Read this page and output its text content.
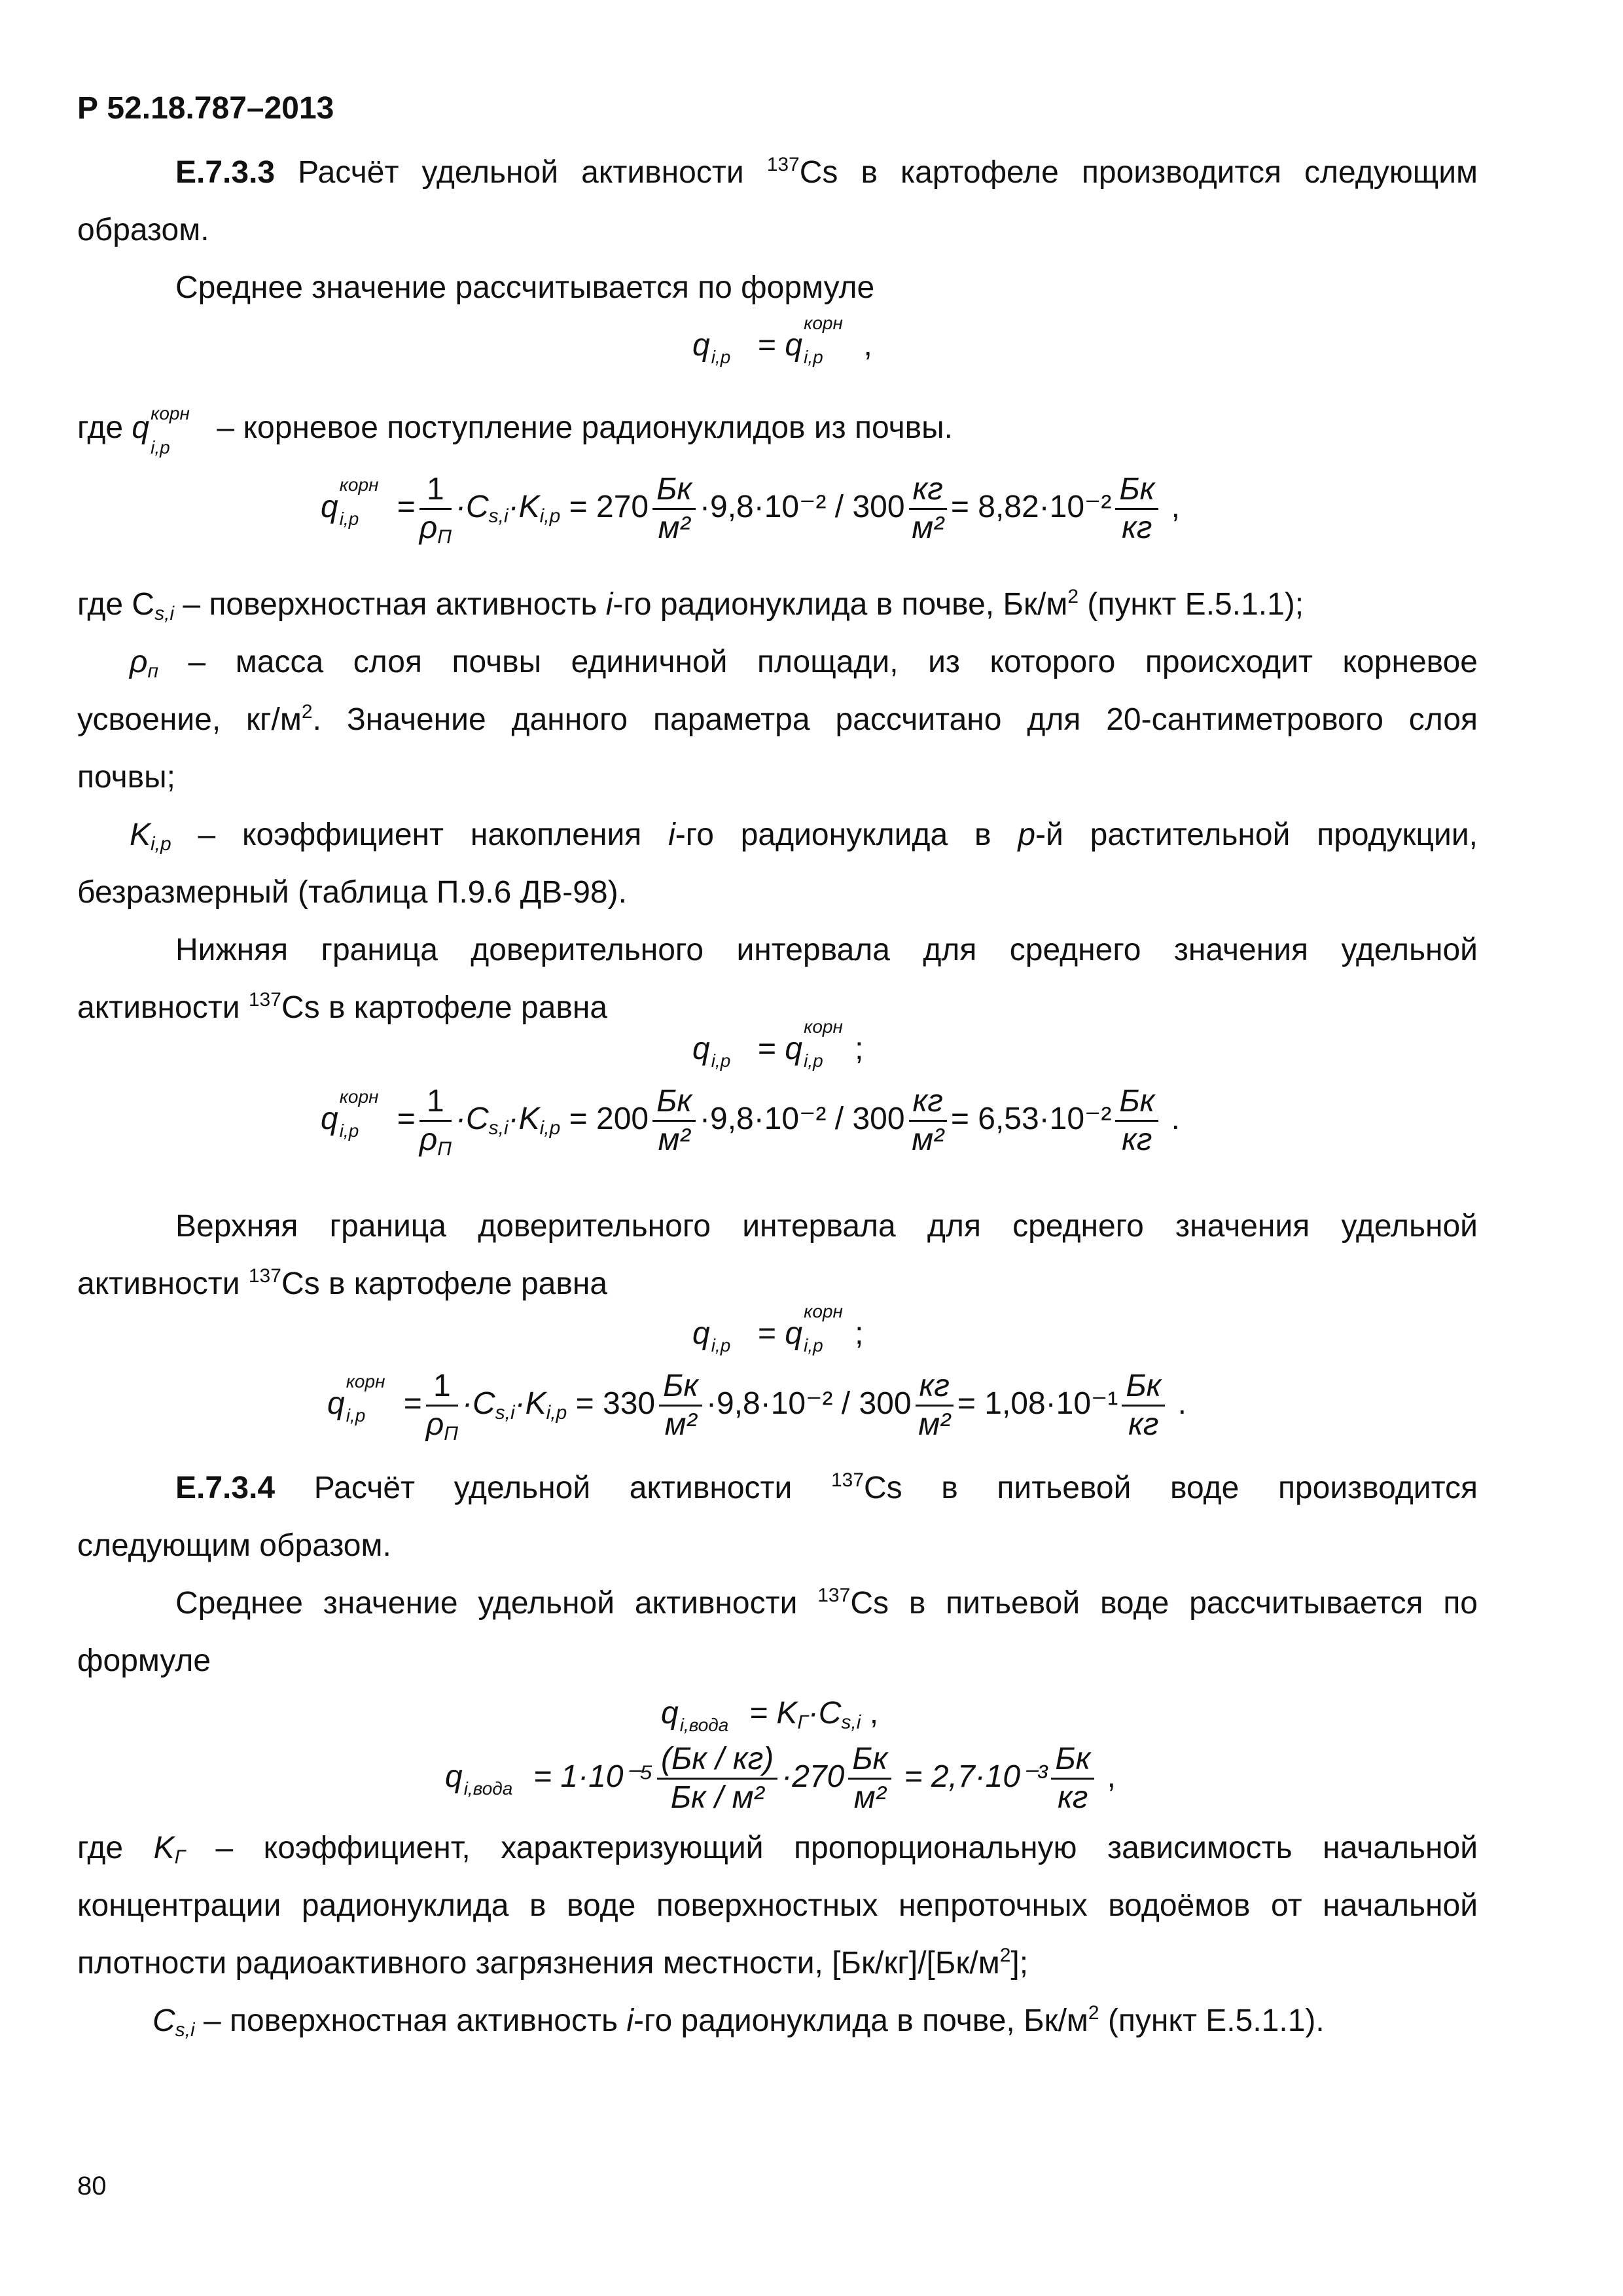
Р 52.18.787–2013
Е.7.3.3 Расчёт удельной активности $^{137}$Cs в картофеле производится следующим
образом.
Среднее значение рассчитывается по формуле
q i,p = q
корн
i,p ,
где q корн
i,p
– корневое поступление радионуклидов из почвы.
q
корн
$i,p = \frac{1}{\rho_П} \cdot C_{s,i}\cdot K_{i,p} = 270 \frac{Бк}{\text{м²}} \cdot 9,8\cdot 10^{-2} / 300 \frac{кг}{\text{м²}} = 8,82\cdot 10^{-2} \frac{Бк}{кг}$ ,
где $C_{s,i}$ – поверхностная активность i-го радионуклида в почве, $Бк/м^2$ (пункт Е.5.1.1);
$\rho_п$ – масса слоя почвы единичной площади, из которого происходит корневое
усвоение, $кг/м^2$. Значение данного параметра рассчитано для 20-сантиметрового слоя
почвы;
$K_{i,p}$ – коэффициент накопления i-го радионуклида в p-й растительной продукции,
безразмерный (таблица П.9.6 ДВ-98).
Нижняя граница доверительного интервала для среднего значения удельной
активности $^{137}$Cs в картофеле равна
q i,p = q
корн
i,p ;
q
корн
$i,p = \frac{1}{\rho_П} \cdot C_{s,i}\cdot K_{i,p} = 200 \frac{Бк}{\text{м²}} \cdot 9,8\cdot 10^{-2} / 300 \frac{кг}{\text{м²}} = 6,53\cdot 10^{-2} \frac{Бк}{кг}$ .
Верхняя граница доверительного интервала для среднего значения удельной
активности $^{137}$Cs в картофеле равна
q i,p = q
корн
i,p ;
q
корн
$i,p = \frac{1}{\rho_П} \cdot C_{s,i}\cdot K_{i,p} = 330 \frac{Бк}{\text{м²}} \cdot 9,8\cdot 10^{-2} / 300 \frac{кг}{\text{м²}} = 1,08\cdot 10^{-1} \frac{Бк}{кг}$ .
Е.7.3.4 Расчёт удельной активности $^{137}$Cs в питьевой воде производится
следующим образом.
Среднее значение удельной активности $^{137}$Cs в питьевой воде рассчитывается по
формуле
q i,вода = $K_Г\cdot C_{s,i}$ ,
q i,вода = $1\cdot 10^{-5} \frac{(Бк / кг)}{\text{Бк / м²}} \cdot 270 \frac{Бк}{\text{м²}} = 2,7\cdot 10^{-3} \frac{Бк}{кг}$ ,
где $K_Г$ – коэффициент, характеризующий пропорциональную зависимость начальной
концентрации радионуклида в воде поверхностных непроточных водоёмов от начальной
плотности радиоактивного загрязнения местности, $[Бк/кг]/[Бк/м^2]$;
$C_{s,i}$ – поверхностная активность i-го радионуклида в почве, $Бк/м^2$ (пункт Е.5.1.1).
80
